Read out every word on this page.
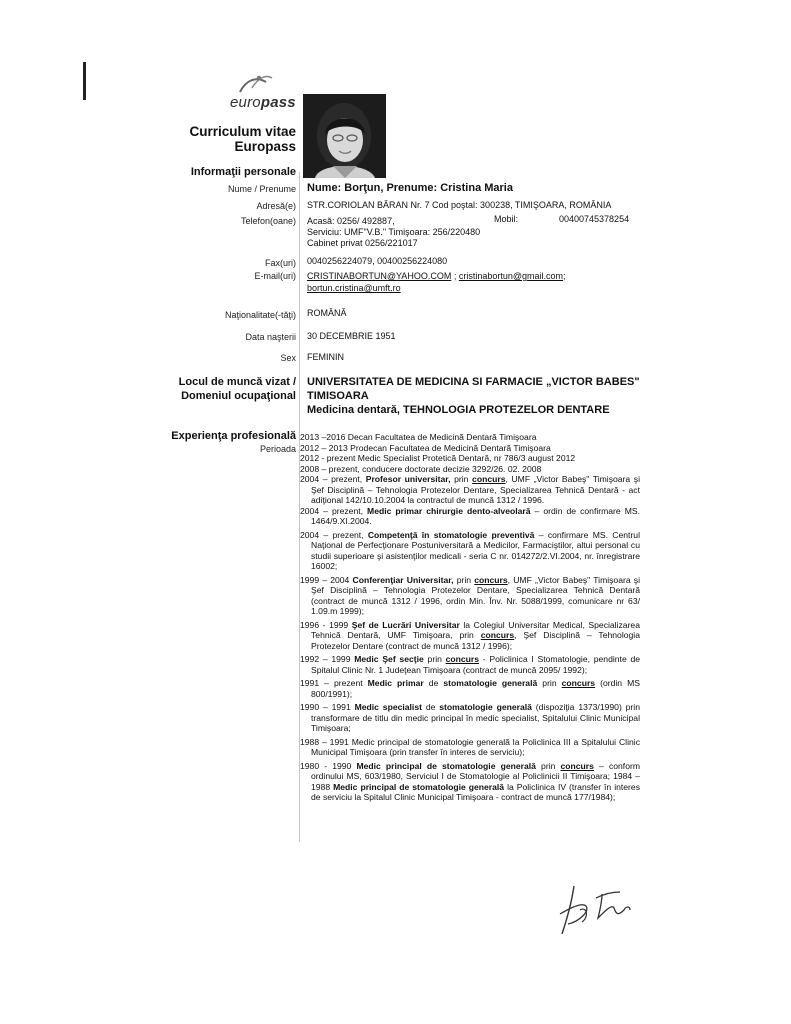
europass
Curriculum vitae
Europass
Informaţii personale
Nume / Prenume Nume: Borţun, Prenume: Cristina Maria
Adresă(e) STR.CORIOLAN BĂRAN Nr. 7 Cod poştal: 300238, TIMIŞOARA, ROMÂNIA
Telefon(oane) Acasă: 0256/ 492887,	Mobil:	00400745378254
Serviciu: UMF"V.B." Timişoara: 256/220480
Cabinet privat 0256/221017
Fax(uri) 0040256224079, 00400256224080
E-mail(uri) CRISTINABORTUN@YAHOO.COM ; cristinabortun@gmail.com;
bortun.cristina@umft.ro
Naţionalitate(-tăţi) ROMÂNĂ
Data naşterii 30 DECEMBRIE 1951
Sex FEMININ
Locul de muncă vizat /
Domeniul ocupaţional
UNIVERSITATEA DE MEDICINA SI FARMACIE „VICTOR BABES"
TIMISOARA
Medicina dentară, TEHNOLOGIA PROTEZELOR DENTARE
Experienţa profesională
Perioada

2013 –2016 Decan Facultatea de Medicină Dentară Timişoara

2012 – 2013 Prodecan Facultatea de Medicină Dentară Timişoara

2012 - prezent Medic Specialist Protetică Dentară, nr 786/3 august 2012

2008 – prezent, conducere doctorate decizie 3292/26. 02. 2008

2004 – prezent, Profesor universitar, prin concurs, UMF „Victor Babeş" Timişoara şi Şef Disciplină – Tehnologia Protezelor Dentare, Specializarea Tehnică Dentară - act adiţional 142/10.10.2004 la contractul de muncă 1312 / 1996.

2004 – prezent, Medic primar chirurgie dento-alveolară – ordin de confirmare MS. 1464/9.XI.2004.

2004 – prezent, Competenţă în stomatologie preventivă – confirmare MS. Centrul Naţional de Perfecţionare Postuniversitară a Medicilor, Farmaciştilor, altui personal cu studii superioare şi asistenţilor medicali - seria C nr. 014272/2.VI.2004, nr. înregistrare 16002;

1999 – 2004 Conferenţiar Universitar, prin concurs, UMF „Victor Babeş" Timişoara şi Şef Disciplină – Tehnologia Protezelor Dentare, Specializarea Tehnică Dentară (contract de muncă 1312 / 1996, ordin Min. Înv. Nr. 5088/1999, comunicare nr 63/ 1.09.m 1999);

1996 - 1999 Şef de Lucrări Universitar la Colegiul Universitar Medical, Specializarea Tehnică Dentară, UMF Timişoara, prin concurs, Şef Disciplină – Tehnologia Protezelor Dentare (contract de muncă 1312 / 1996);

1992 – 1999 Medic Şef secţie prin concurs - Policlinica I Stomatologie, pendinte de Spitalul Clinic Nr. 1 Judeţean Timişoara (contract de muncă 2095/ 1992);

1991 – prezent Medic primar de stomatologie generală prin concurs (ordin MS 800/1991);

1990 – 1991 Medic specialist de stomatologie generală (dispoziţia 1373/1990) prin transformare de titlu din medic principal în medic specialist, Spitalului Clinic Municipal Timişoara;

1988 – 1991 Medic principal de stomatologie generală la Policlinica III a Spitalului Clinic Municipal Timişoara (prin transfer în interes de serviciu);

1980 - 1990 Medic principal de stomatologie generală prin concurs – conform ordinului MS, 603/1980, Serviciul I de Stomatologie al Policlinicii II Timişoara; 1984 – 1988 Medic principal de stomatologie generală la Policlinica IV (transfer în interes de serviciu la Spitalul Clinic Municipal Timişoara - contract de muncă 177/1984);
